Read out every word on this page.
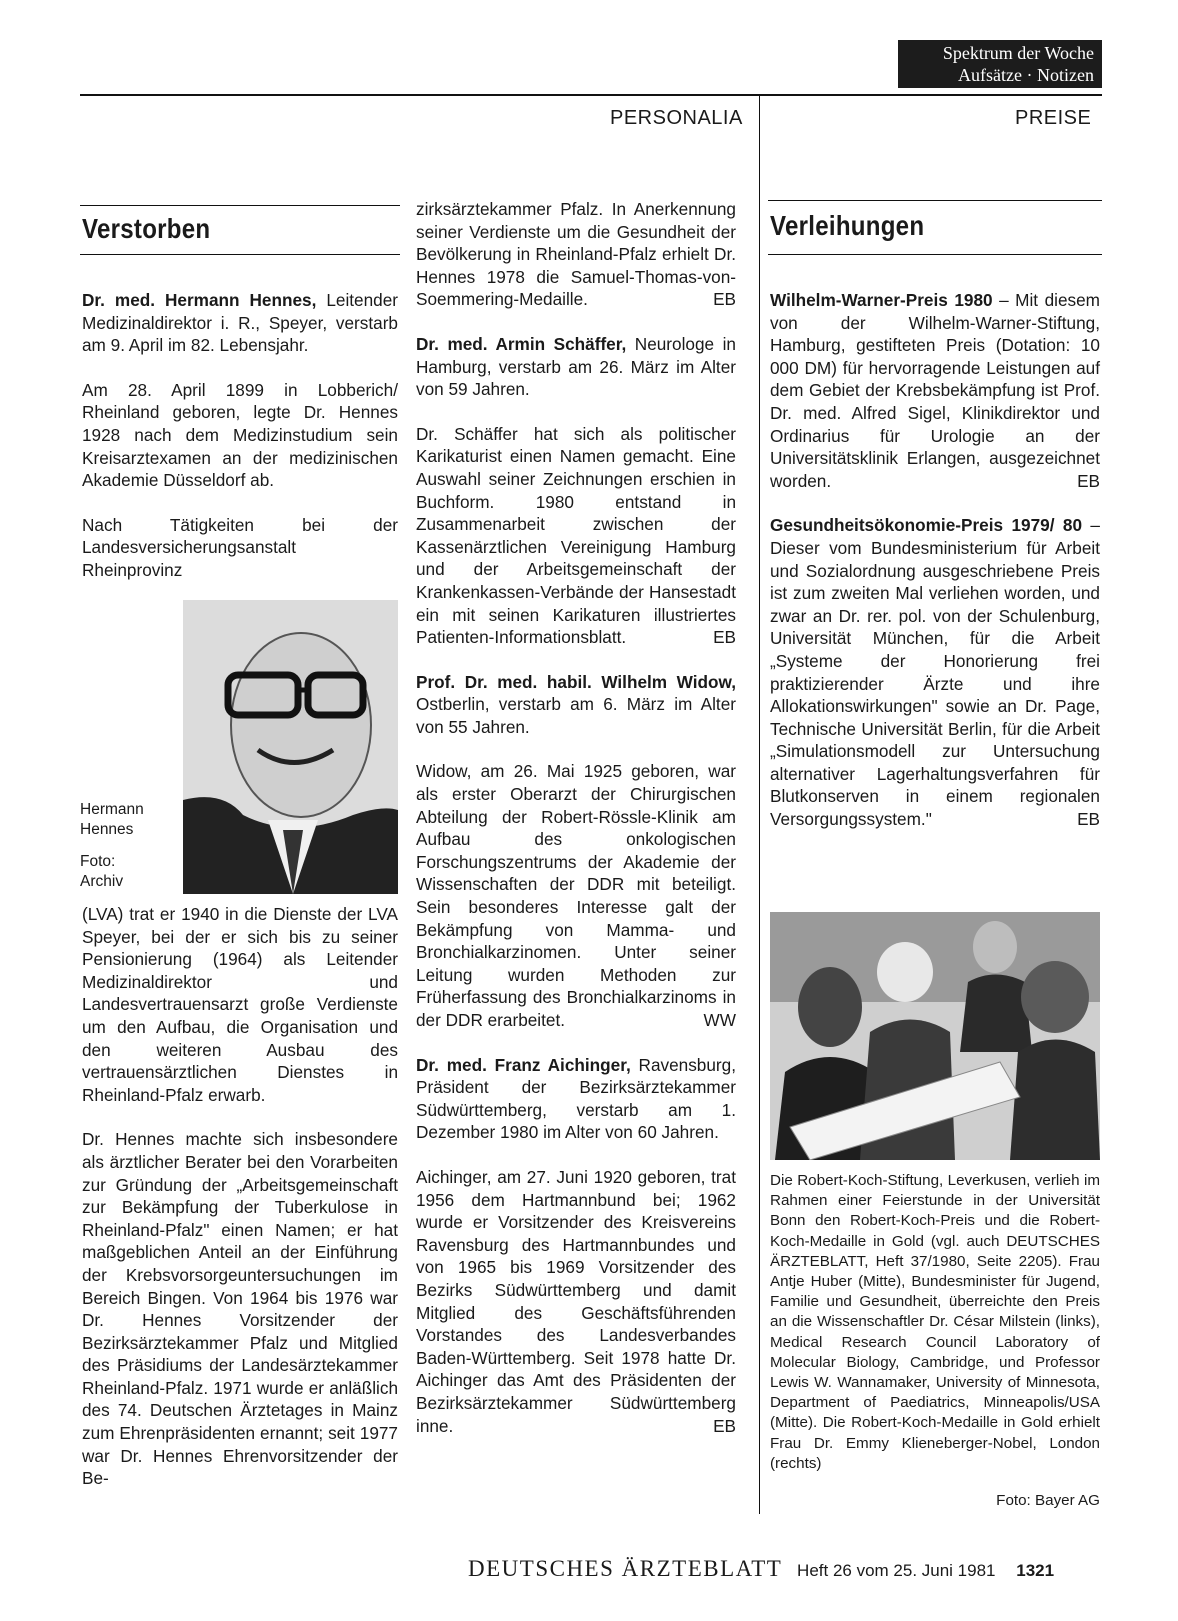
Spektrum der Woche
Aufsätze · Notizen
PERSONALIA	PREISE
Verstorben

Dr. med. Hermann Hennes, Leitender Medizinaldirektor i. R., Speyer, verstarb am 9. April im 82. Lebensjahr.

Am 28. April 1899 in Lobberich/ Rheinland geboren, legte Dr. Hennes 1928 nach dem Medizinstudium sein Kreisarztexamen an der medizinischen Akademie Düsseldorf ab.

Nach Tätigkeiten bei der Landesversicherungsanstalt Rheinprovinz

Hermann Hennes
Foto: Archiv

(LVA) trat er 1940 in die Dienste der LVA Speyer, bei der er sich bis zu seiner Pensionierung (1964) als Leitender Medizinaldirektor und Landesvertrauensarzt große Verdienste um den Aufbau, die Organisation und den weiteren Ausbau des vertrauensärztlichen Dienstes in Rheinland-Pfalz erwarb.

Dr. Hennes machte sich insbesondere als ärztlicher Berater bei den Vorarbeiten zur Gründung der „Arbeitsgemeinschaft zur Bekämpfung der Tuberkulose in Rheinland-Pfalz" einen Namen; er hat maßgeblichen Anteil an der Einführung der Krebsvorsorgeuntersuchungen im Bereich Bingen. Von 1964 bis 1976 war Dr. Hennes Vorsitzender der Bezirksärztekammer Pfalz und Mitglied des Präsidiums der Landesärztekammer Rheinland-Pfalz. 1971 wurde er anläßlich des 74. Deutschen Ärztetages in Mainz zum Ehrenpräsidenten ernannt; seit 1977 war Dr. Hennes Ehrenvorsitzender der Be-

zirksärztekammer Pfalz. In Anerkennung seiner Verdienste um die Gesundheit der Bevölkerung in Rheinland-Pfalz erhielt Dr. Hennes 1978 die Samuel-Thomas-von-Soemmering-Medaille.	EB

Dr. med. Armin Schäffer, Neurologe in Hamburg, verstarb am 26. März im Alter von 59 Jahren.

Dr. Schäffer hat sich als politischer Karikaturist einen Namen gemacht. Eine Auswahl seiner Zeichnungen erschien in Buchform. 1980 entstand in Zusammenarbeit zwischen der Kassenärztlichen Vereinigung Hamburg und der Arbeitsgemeinschaft der Krankenkassen-Verbände der Hansestadt ein mit seinen Karikaturen illustriertes Patienten-Informationsblatt.	EB

Prof. Dr. med. habil. Wilhelm Widow, Ostberlin, verstarb am 6. März im Alter von 55 Jahren.

Widow, am 26. Mai 1925 geboren, war als erster Oberarzt der Chirurgischen Abteilung der Robert-Rössle-Klinik am Aufbau des onkologischen Forschungszentrums der Akademie der Wissenschaften der DDR mit beteiligt. Sein besonderes Interesse galt der Bekämpfung von Mamma- und Bronchialkarzinomen. Unter seiner Leitung wurden Methoden zur Früherfassung des Bronchialkarzinoms in der DDR erarbeitet.	WW

Dr. med. Franz Aichinger, Ravensburg, Präsident der Bezirksärztekammer Südwürttemberg, verstarb am 1. Dezember 1980 im Alter von 60 Jahren.

Aichinger, am 27. Juni 1920 geboren, trat 1956 dem Hartmannbund bei; 1962 wurde er Vorsitzender des Kreisvereins Ravensburg des Hartmannbundes und von 1965 bis 1969 Vorsitzender des Bezirks Südwürttemberg und damit Mitglied des Geschäftsführenden Vorstandes des Landesverbandes Baden-Württemberg. Seit 1978 hatte Dr. Aichinger das Amt des Präsidenten der Bezirksärztekammer Südwürttemberg inne.	EB

Verleihungen

Wilhelm-Warner-Preis 1980 – Mit diesem von der Wilhelm-Warner-Stiftung, Hamburg, gestifteten Preis (Dotation: 10 000 DM) für hervorragende Leistungen auf dem Gebiet der Krebsbekämpfung ist Prof. Dr. med. Alfred Sigel, Klinikdirektor und Ordinarius für Urologie an der Universitätsklinik Erlangen, ausgezeichnet worden.	EB

Gesundheitsökonomie-Preis 1979/ 80 – Dieser vom Bundesministerium für Arbeit und Sozialordnung ausgeschriebene Preis ist zum zweiten Mal verliehen worden, und zwar an Dr. rer. pol. von der Schulenburg, Universität München, für die Arbeit „Systeme der Honorierung frei praktizierender Ärzte und ihre Allokationswirkungen" sowie an Dr. Page, Technische Universität Berlin, für die Arbeit „Simulationsmodell zur Untersuchung alternativer Lagerhaltungsverfahren für Blutkonserven in einem regionalen Versorgungssystem."	EB

Die Robert-Koch-Stiftung, Leverkusen, verlieh im Rahmen einer Feierstunde in der Universität Bonn den Robert-Koch-Preis und die Robert-Koch-Medaille in Gold (vgl. auch DEUTSCHES ÄRZTEBLATT, Heft 37/1980, Seite 2205). Frau Antje Huber (Mitte), Bundesminister für Jugend, Familie und Gesundheit, überreichte den Preis an die Wissenschaftler Dr. César Milstein (links), Medical Research Council Laboratory of Molecular Biology, Cambridge, und Professor Lewis W. Wannamaker, University of Minnesota, Department of Paediatrics, Minneapolis/USA (Mitte). Die Robert-Koch-Medaille in Gold erhielt Frau Dr. Emmy Klieneberger-Nobel, London (rechts)
Foto: Bayer AG
DEUTSCHES ÄRZTEBLATT Heft 26 vom 25. Juni 1981 1321
